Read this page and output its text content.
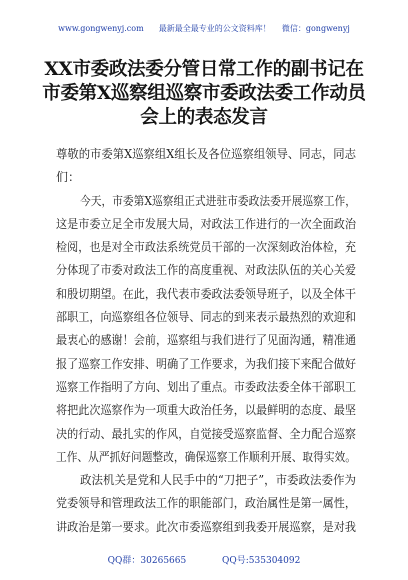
www.gongwenyj.com 最新最全最专业的公文资料库！ 微信：gongwenyj
XX市委政法委分管日常工作的副书记在
市委第X巡察组巡察市委政法委工作动员
会上的表态发言
尊敬的市委第X巡察组X组长及各位巡察组领导、同志，同志
们：
今天，市委第X巡察组正式进驻市委政法委开展巡察工作，
这是市委立足全市发展大局，对政法工作进行的一次全面政治
检阅，也是对全市政法系统党员干部的一次深刻政治体检，充
分体现了市委对政法工作的高度重视、对政法队伍的关心关爱
和殷切期望。在此，我代表市委政法委领导班子，以及全体干
部职工，向巡察组各位领导、同志的到来表示最热烈的欢迎和
最衷心的感谢！会前，巡察组与我们进行了见面沟通，精准通
报了巡察工作安排、明确了工作要求，为我们接下来配合做好
巡察工作指明了方向、划出了重点。市委政法委全体干部职工
将把此次巡察作为一项重大政治任务，以最鲜明的态度、最坚
决的行动、最扎实的作风，自觉接受巡察监督、全力配合巡察
工作、从严抓好问题整改，确保巡察工作顺利开展、取得实效。
政法机关是党和人民手中的“刀把子”，市委政法委作为
党委领导和管理政法工作的职能部门，政治属性是第一属性，
讲政治是第一要求。此次市委巡察组到我委开展巡察，是对我
QQ群：30265665	QQ号:535304092
